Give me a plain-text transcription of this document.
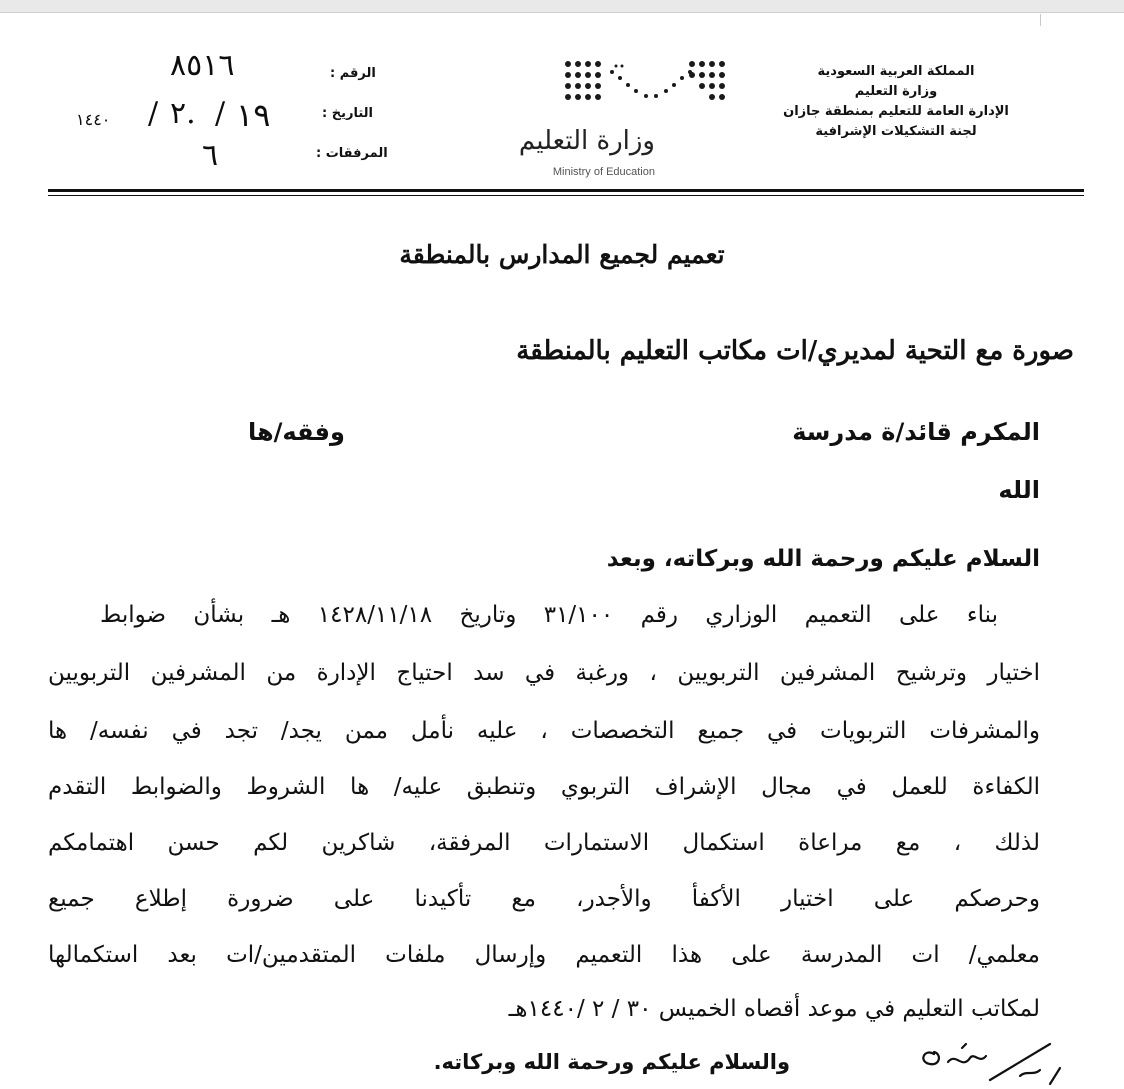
المملكة العربية السعودية
وزارة التعليم
الإدارة العامة للتعليم بمنطقة جازان
لجنة التشكيلات الإشرافية
وزارة التعليم
Ministry of Education
الرقم :
٨٥١٦
التاريخ :
١٩
/
٢.
/
١٤٤٠
المرفقات :
٦
تعميم لجميع المدارس بالمنطقة
صورة مع التحية لمديري/ات مكاتب التعليم بالمنطقة
المكرم قائد/ة مدرسة
وفقه/ها
الله
السلام عليكم ورحمة الله وبركاته، وبعد
بناء على التعميم الوزاري رقم ٣١/١٠٠ وتاريخ ١٤٢٨/١١/١٨ هـ بشأن ضوابط
اختيار وترشيح المشرفين التربويين ، ورغبة في سد احتياج الإدارة من المشرفين التربويين
والمشرفات التربويات في جميع التخصصات ، عليه نأمل ممن يجد/ تجد في نفسه/ ها
الكفاءة للعمل في مجال الإشراف التربوي وتنطبق عليه/ ها الشروط والضوابط التقدم
لذلك ، مع مراعاة استكمال الاستمارات المرفقة، شاكرين لكم حسن اهتمامكم
وحرصكم على اختيار الأكفأ والأجدر، مع تأكيدنا على ضرورة إطلاع جميع
معلمي/ ات المدرسة على هذا التعميم وإرسال ملفات المتقدمين/ات بعد استكمالها
لمكاتب التعليم في موعد أقصاه الخميس ٣٠ / ٢ /١٤٤٠هـ
والسلام عليكم ورحمة الله وبركاته.
